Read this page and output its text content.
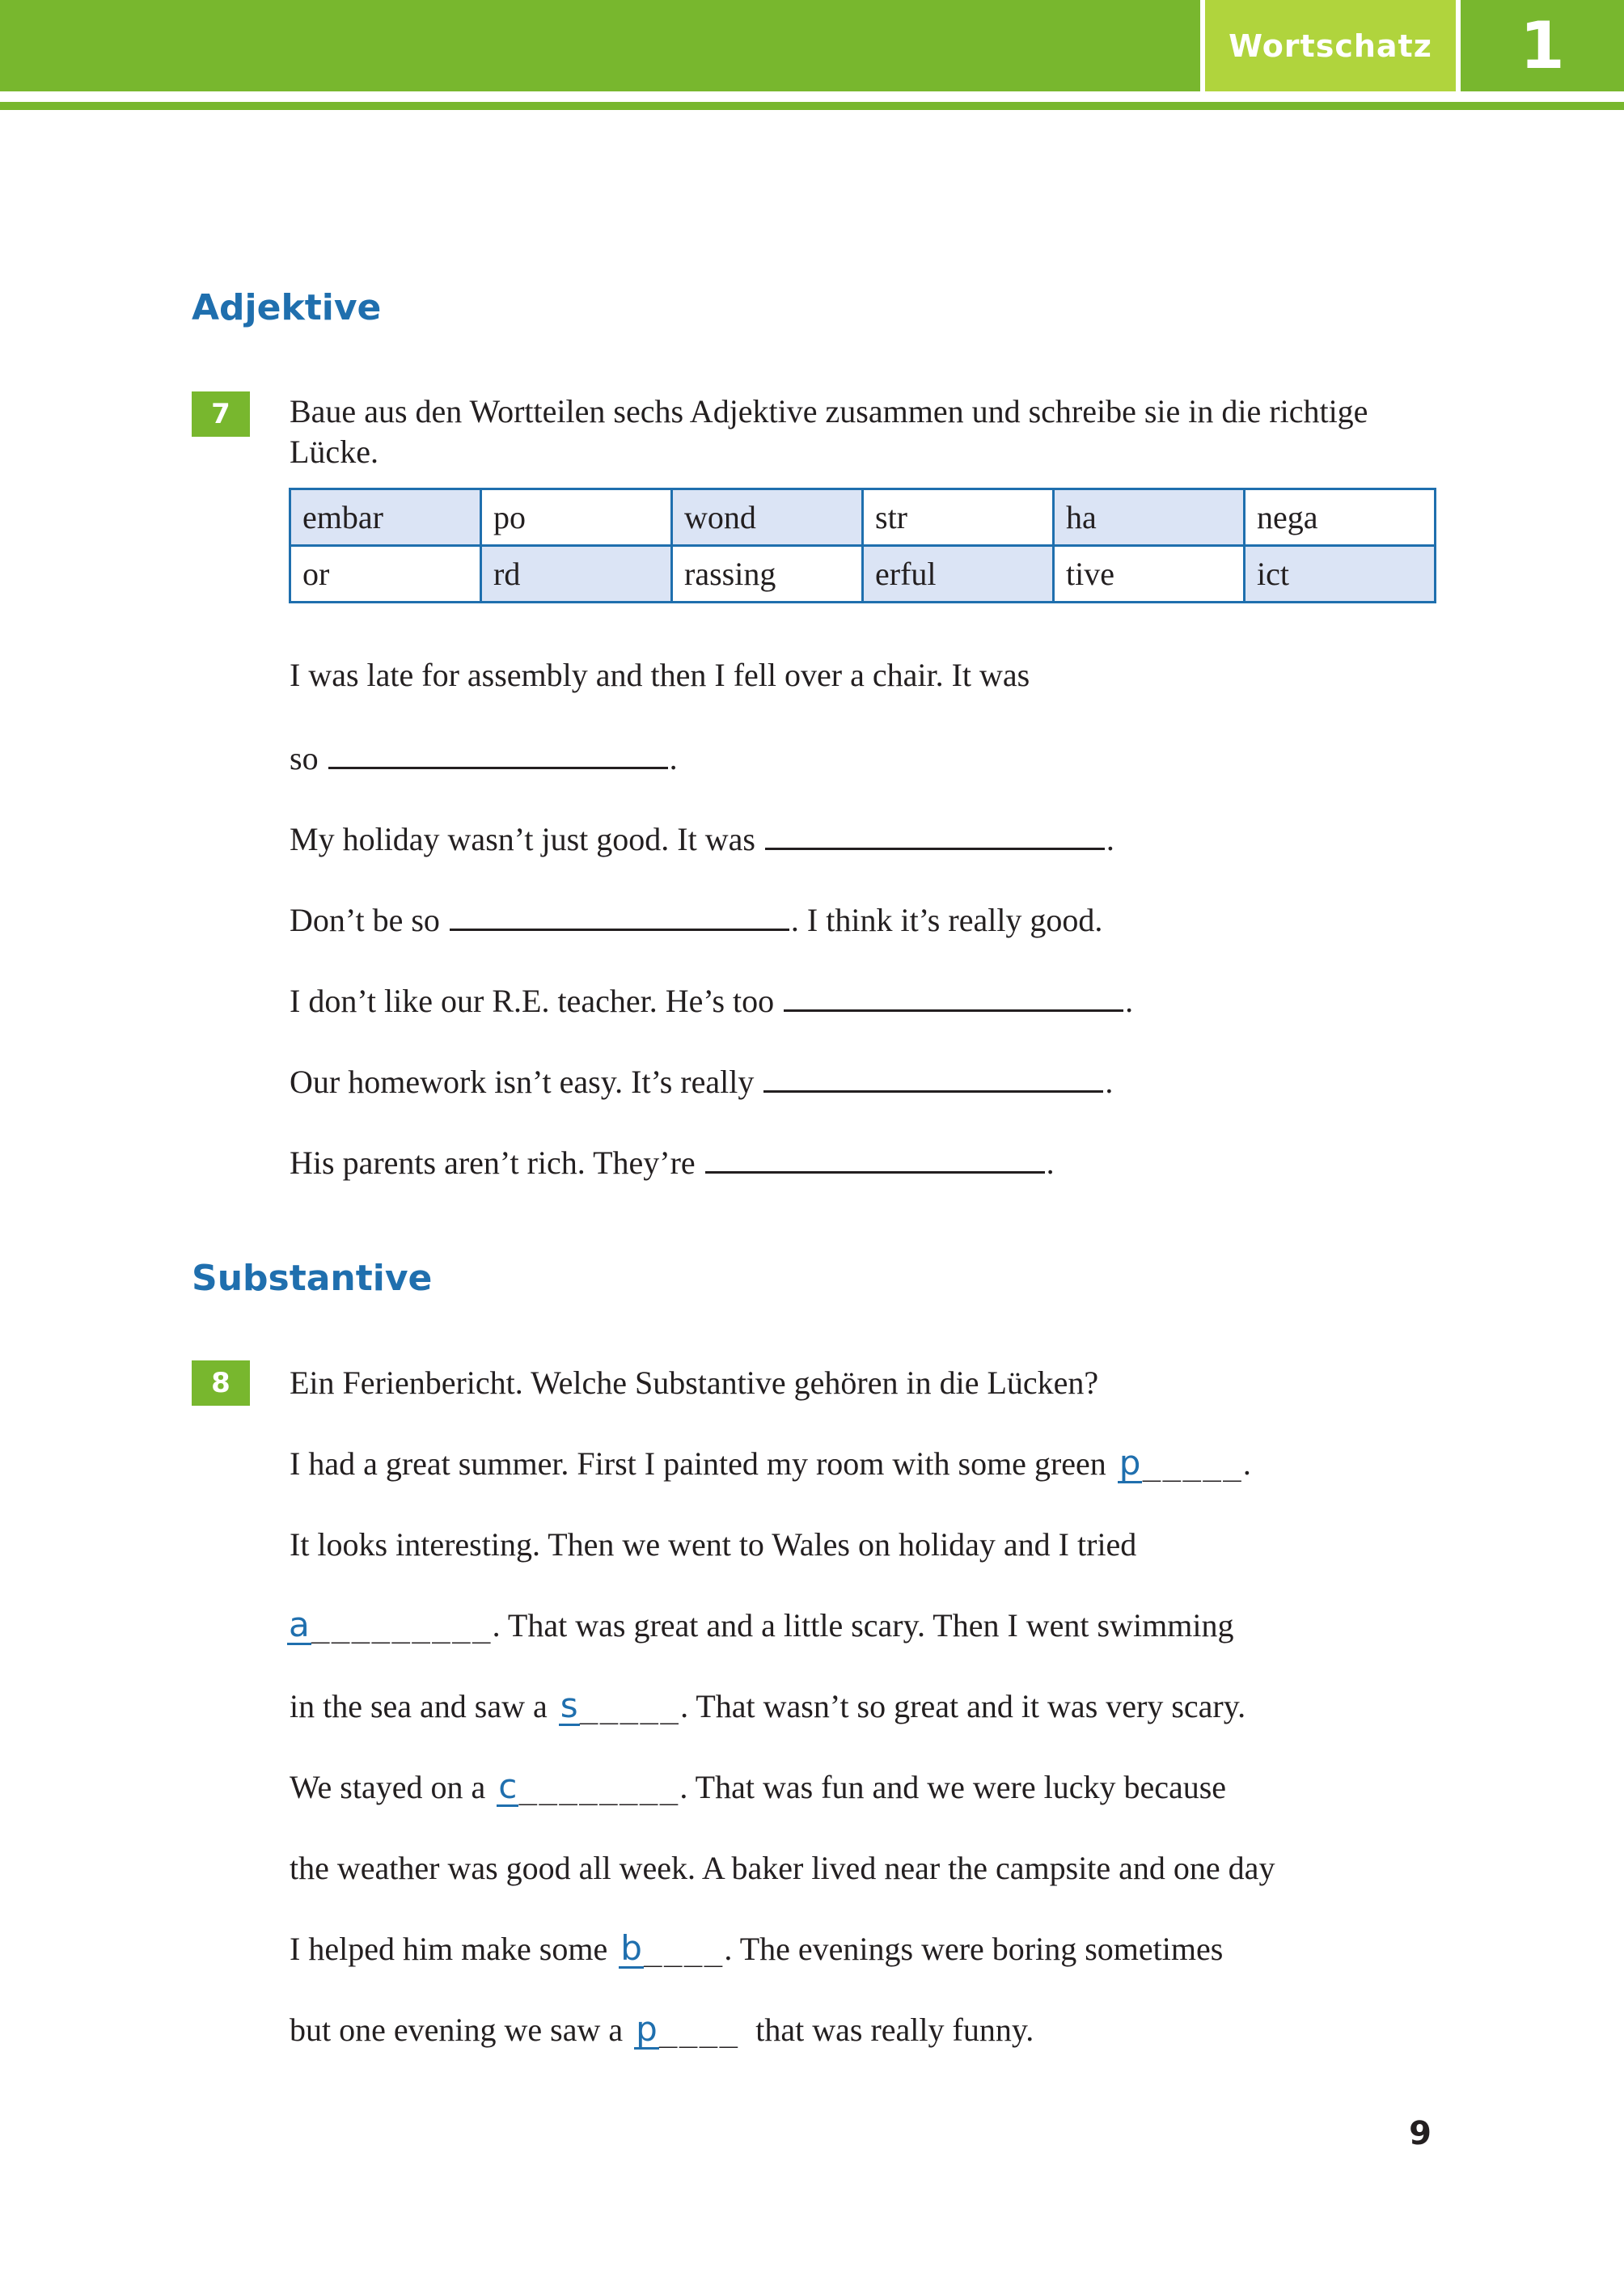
Wortschatz	1
Adjektive
7	Baue aus den Wortteilen sechs Adjektive zusammen und schreibe sie in die richtige Lücke.

embar	po	wond	str	ha	nega
or	rd	rassing	erful	tive	ict

I was late for assembly and then I fell over a chair. It was

so	.

My holiday wasn’t just good. It was	.

Don’t be so	. I think it’s really good.

I don’t like our R.E. teacher. He’s too	.

Our homework isn’t easy. It’s really	.

His parents aren’t rich. They’re	.

Substantive
8	Ein Ferienbericht. Welche Substantive gehören in die Lücken?

I had a great summer. First I painted my room with some green p_____.

It looks interesting. Then we went to Wales on holiday and I tried

a_________. That was great and a little scary. Then I went swimming

in the sea and saw a s_____. That wasn’t so great and it was very scary.

We stayed on a c________. That was fun and we were lucky because

the weather was good all week. A baker lived near the campsite and one day

I helped him make some b____. The evenings were boring sometimes

but one evening we saw a p____  that was really funny.

9
